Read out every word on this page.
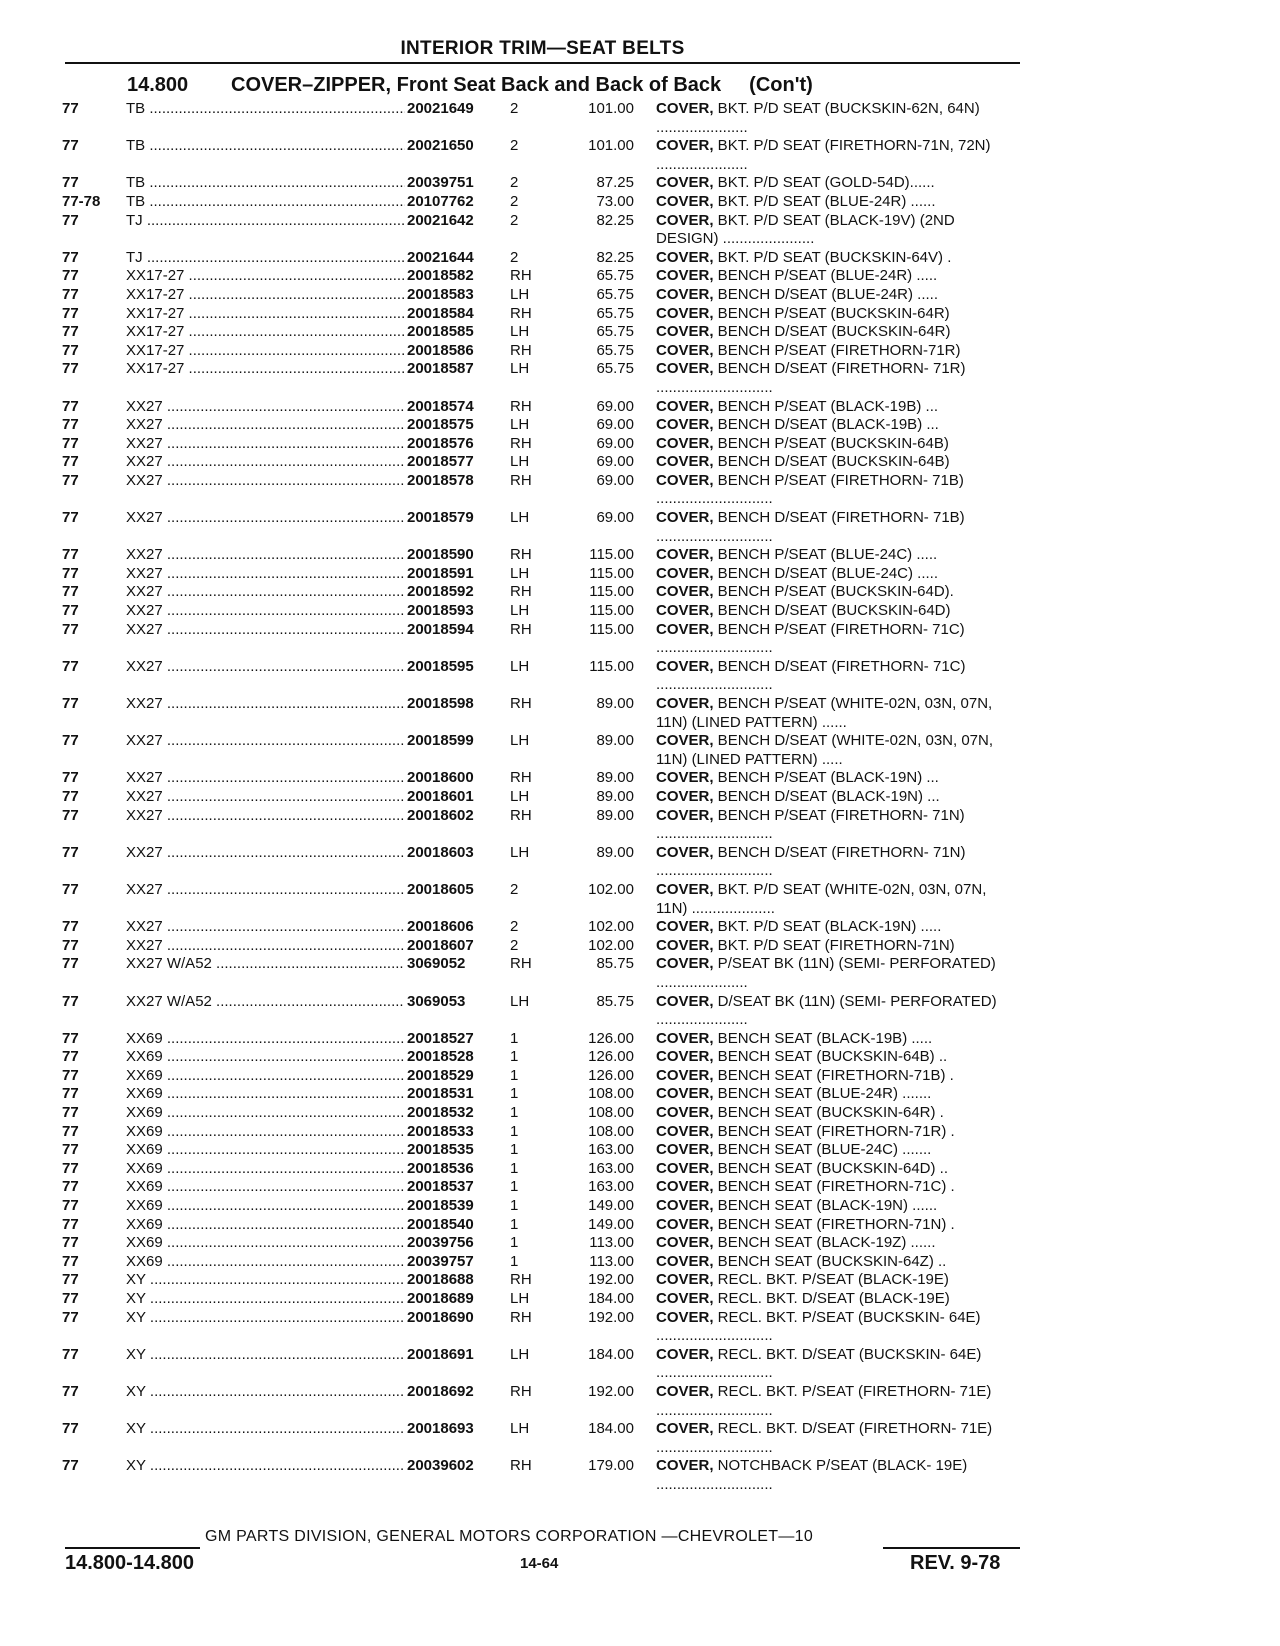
INTERIOR TRIM—SEAT BELTS
14.800 COVER–ZIPPER, Front Seat Back and Back of Back (Con't)
77	TB .....	20021649 2	101.00 COVER, BKT. P/D SEAT (BUCKSKIN-62N, 64N) ......................
77	TB .....	20021650 2	101.00 COVER, BKT. P/D SEAT (FIRETHORN-71N, 72N) ......................
77	TB .....	20039751 2	87.25 COVER, BKT. P/D SEAT (GOLD-54D)......
77-78 TB .....	20107762 2	73.00 COVER, BKT. P/D SEAT (BLUE-24R) ......
77	TJ .....	20021642 2	82.25 COVER, BKT. P/D SEAT (BLACK-19V) (2ND DESIGN) ......................
77	TJ .....	20021644 2	82.25 COVER, BKT. P/D SEAT (BUCKSKIN-64V) .
77	XX17-27 .....	20018582 RH	65.75 COVER, BENCH P/SEAT (BLUE-24R) .....
77	XX17-27 .....	20018583 LH	65.75 COVER, BENCH D/SEAT (BLUE-24R) .....
77	XX17-27 .....	20018584 RH	65.75 COVER, BENCH P/SEAT (BUCKSKIN-64R)
77	XX17-27 .....	20018585 LH	65.75 COVER, BENCH D/SEAT (BUCKSKIN-64R)
77	XX17-27 .....	20018586 RH	65.75 COVER, BENCH P/SEAT (FIRETHORN-71R)
77	XX17-27 .....	20018587 LH	65.75 COVER, BENCH D/SEAT (FIRETHORN- 71R) ............................
77	XX27 .....	20018574 RH	69.00 COVER, BENCH P/SEAT (BLACK-19B) ...
77	XX27 .....	20018575 LH	69.00 COVER, BENCH D/SEAT (BLACK-19B) ...
77	XX27 .....	20018576 RH	69.00 COVER, BENCH P/SEAT (BUCKSKIN-64B)
77	XX27 .....	20018577 LH	69.00 COVER, BENCH D/SEAT (BUCKSKIN-64B)
77	XX27 .....	20018578 RH	69.00 COVER, BENCH P/SEAT (FIRETHORN- 71B) ............................
77	XX27 .....	20018579 LH	69.00 COVER, BENCH D/SEAT (FIRETHORN- 71B) ............................
77	XX27 .....	20018590 RH	115.00 COVER, BENCH P/SEAT (BLUE-24C) .....
77	XX27 .....	20018591 LH	115.00 COVER, BENCH D/SEAT (BLUE-24C) .....
77	XX27 .....	20018592 RH	115.00 COVER, BENCH P/SEAT (BUCKSKIN-64D).
77	XX27 .....	20018593 LH	115.00 COVER, BENCH D/SEAT (BUCKSKIN-64D)
77	XX27 .....	20018594 RH	115.00 COVER, BENCH P/SEAT (FIRETHORN- 71C) ............................
77	XX27 .....	20018595 LH	115.00 COVER, BENCH D/SEAT (FIRETHORN- 71C) ............................
77	XX27 .....	20018598 RH	89.00 COVER, BENCH P/SEAT (WHITE-02N, 03N, 07N, 11N) (LINED PATTERN) ......
77	XX27 .....	20018599 LH	89.00 COVER, BENCH D/SEAT (WHITE-02N, 03N, 07N, 11N) (LINED PATTERN) .....
77	XX27 .....	20018600 RH	89.00 COVER, BENCH P/SEAT (BLACK-19N) ...
77	XX27 .....	20018601 LH	89.00 COVER, BENCH D/SEAT (BLACK-19N) ...
77	XX27 .....	20018602 RH	89.00 COVER, BENCH P/SEAT (FIRETHORN- 71N) ............................
77	XX27 .....	20018603 LH	89.00 COVER, BENCH D/SEAT (FIRETHORN- 71N) ............................
77	XX27 .....	20018605 2	102.00 COVER, BKT. P/D SEAT (WHITE-02N, 03N, 07N, 11N) ....................
77	XX27 .....	20018606 2	102.00 COVER, BKT. P/D SEAT (BLACK-19N) .....
77	XX27 .....	20018607 2	102.00 COVER, BKT. P/D SEAT (FIRETHORN-71N)
77	XX27 W/A52 .....	3069052	RH	85.75 COVER, P/SEAT BK (11N) (SEMI- PERFORATED) ......................
77	XX27 W/A52 .....	3069053	LH	85.75 COVER, D/SEAT BK (11N) (SEMI- PERFORATED) ......................
77	XX69 .....	20018527 1	126.00 COVER, BENCH SEAT (BLACK-19B) .....
77	XX69 .....	20018528 1	126.00 COVER, BENCH SEAT (BUCKSKIN-64B) ..
77	XX69 .....	20018529 1	126.00 COVER, BENCH SEAT (FIRETHORN-71B) .
77	XX69 .....	20018531 1	108.00 COVER, BENCH SEAT (BLUE-24R) .......
77	XX69 .....	20018532 1	108.00 COVER, BENCH SEAT (BUCKSKIN-64R) .
77	XX69 .....	20018533 1	108.00 COVER, BENCH SEAT (FIRETHORN-71R) .
77	XX69 .....	20018535 1	163.00 COVER, BENCH SEAT (BLUE-24C) .......
77	XX69 .....	20018536 1	163.00 COVER, BENCH SEAT (BUCKSKIN-64D) ..
77	XX69 .....	20018537 1	163.00 COVER, BENCH SEAT (FIRETHORN-71C) .
77	XX69 .....	20018539 1	149.00 COVER, BENCH SEAT (BLACK-19N) ......
77	XX69 .....	20018540 1	149.00 COVER, BENCH SEAT (FIRETHORN-71N) .
77	XX69 .....	20039756 1	113.00 COVER, BENCH SEAT (BLACK-19Z) ......
77	XX69 .....	20039757 1	113.00 COVER, BENCH SEAT (BUCKSKIN-64Z) ..
77	XY .....	20018688 RH	192.00 COVER, RECL. BKT. P/SEAT (BLACK-19E)
77	XY .....	20018689 LH	184.00 COVER, RECL. BKT. D/SEAT (BLACK-19E)
77	XY .....	20018690 RH	192.00 COVER, RECL. BKT. P/SEAT (BUCKSKIN- 64E) ............................
77	XY .....	20018691 LH	184.00 COVER, RECL. BKT. D/SEAT (BUCKSKIN- 64E) ............................
77	XY .....	20018692 RH	192.00 COVER, RECL. BKT. P/SEAT (FIRETHORN- 71E) ............................
77	XY .....	20018693 LH	184.00 COVER, RECL. BKT. D/SEAT (FIRETHORN- 71E) ............................
77	XY .....	20039602 RH	179.00 COVER, NOTCHBACK P/SEAT (BLACK- 19E) ............................
GM PARTS DIVISION, GENERAL MOTORS CORPORATION —CHEVROLET—10
14.800-14.800	14-64	REV. 9-78
